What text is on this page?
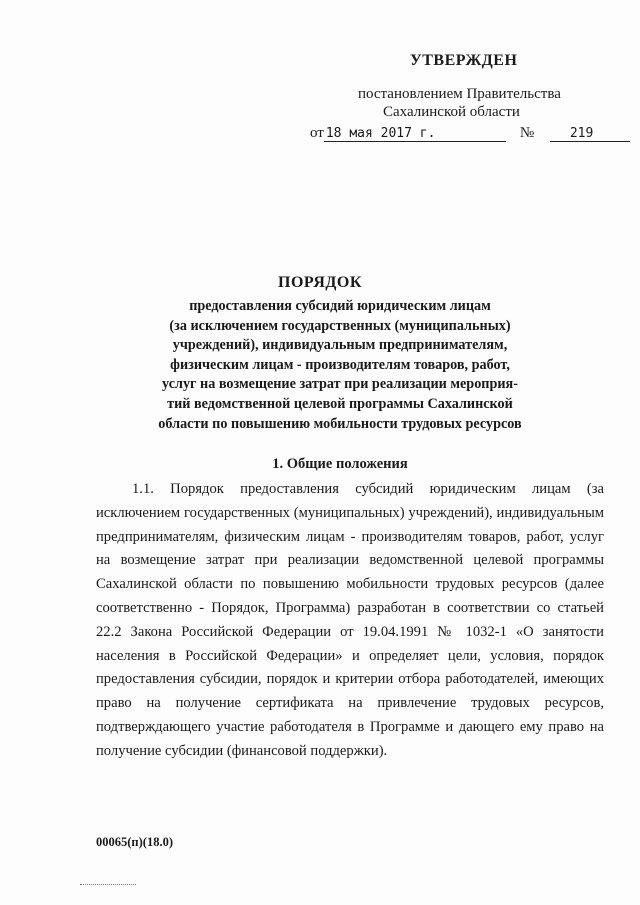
УТВЕРЖДЕН
постановлением Правительства
Сахалинской области
от 18 мая 2017 г.	№	219
ПОРЯДОК
предоставления субсидий юридическим лицам
(за исключением государственных (муниципальных)
учреждений), индивидуальным предпринимателям,
физическим лицам - производителям товаров, работ,
услуг на возмещение затрат при реализации мероприя-
тий ведомственной целевой программы Сахалинской
области по повышению мобильности трудовых ресурсов
1. Общие положения

1.1. Порядок предоставления субсидий юридическим лицам (за исключением государственных (муниципальных) учреждений), индивидуальным предпринимателям, физическим лицам - производителям товаров, работ, услуг на возмещение затрат при реализации ведомственной целевой программы Сахалинской области по повышению мобильности трудовых ресурсов (далее соответственно - Порядок, Программа) разработан в соответствии со статьей 22.2 Закона Российской Федерации от 19.04.1991 № 1032-1 «О занятости населения в Российской Федерации» и определяет цели, условия, порядок предоставления субсидии, порядок и критерии отбора работодателей, имеющих право на получение сертификата на привлечение трудовых ресурсов, подтверждающего участие работодателя в Программе и дающего ему право на получение субсидии (финансовой поддержки).

00065(п)(18.0)
